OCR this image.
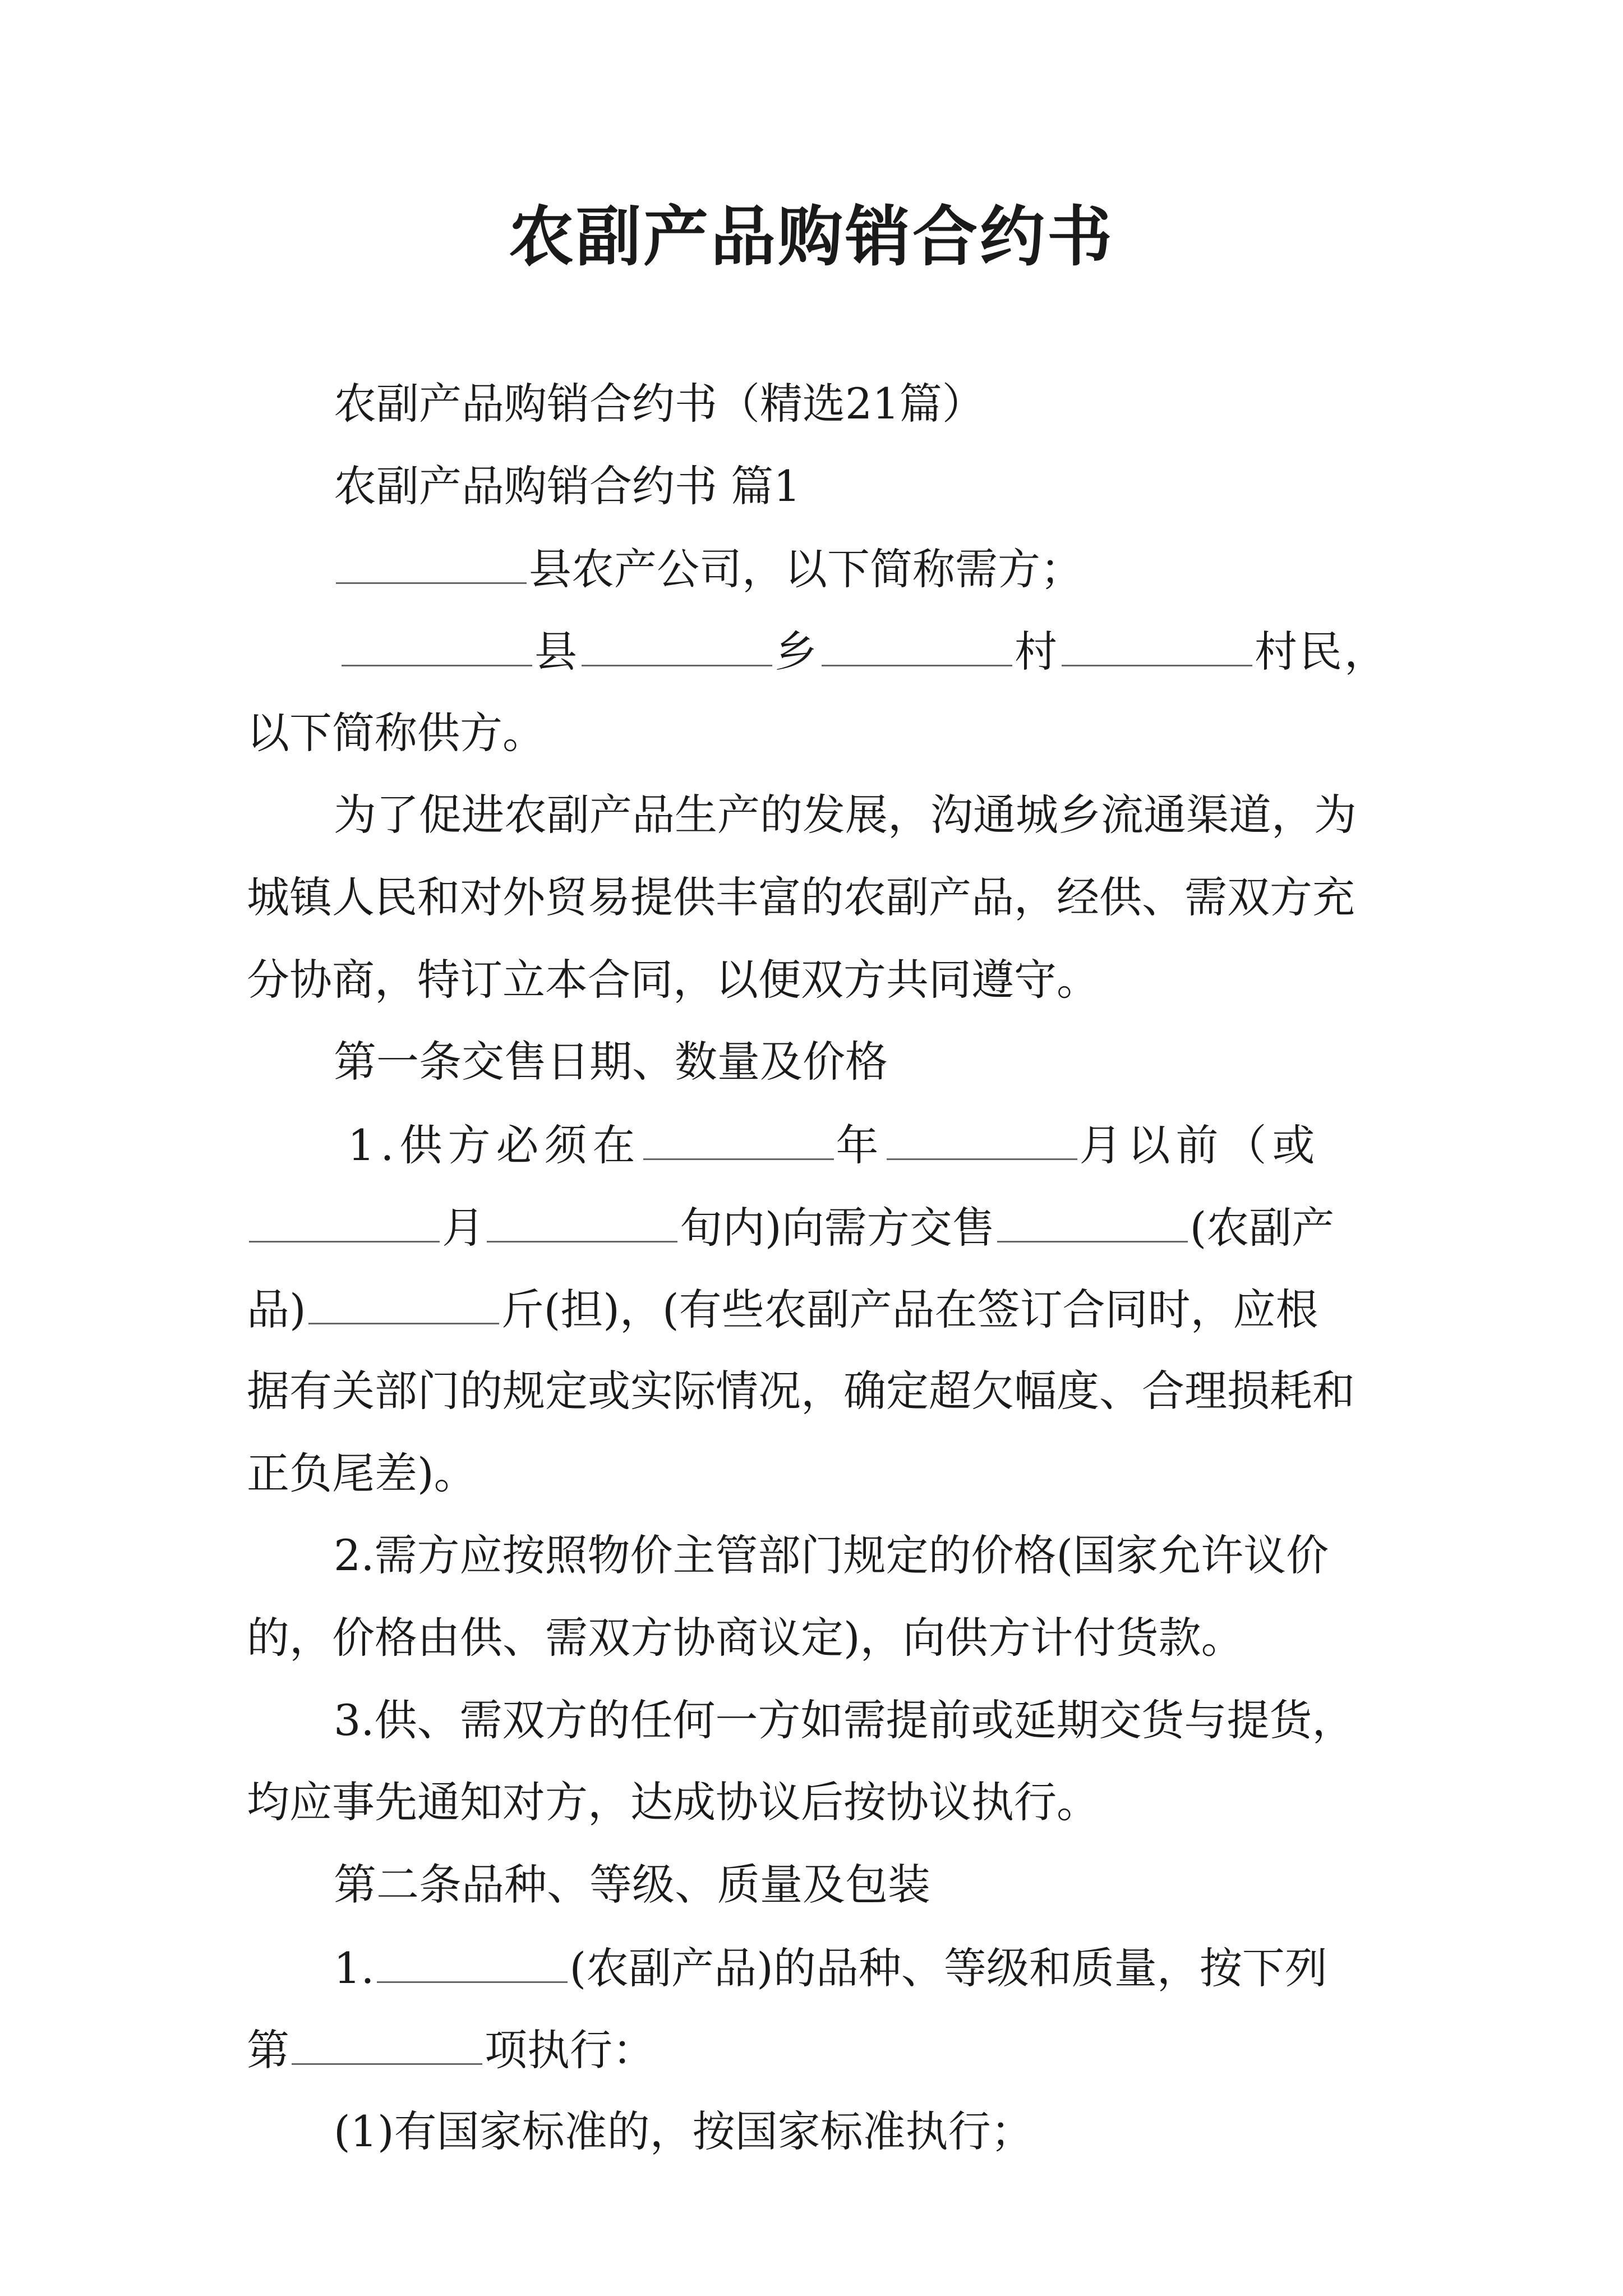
农副产品购销合约书
农副产品购销合约书（精选21篇）
农副产品购销合约书 篇1
县农产公司，以下简称需方；
县	乡	村	村民，
以下简称供方。
为了促进农副产品生产的发展，沟通城乡流通渠道，为
城镇人民和对外贸易提供丰富的农副产品，经供、需双方充
分协商，特订立本合同，以便双方共同遵守。
第一条交售日期、数量及价格
1.供方必须在	年	月以前（或
月	旬内)向需方交售	(农副产
品)	斤(担)，(有些农副产品在签订合同时，应根
据有关部门的规定或实际情况，确定超欠幅度、合理损耗和
正负尾差)。
2.需方应按照物价主管部门规定的价格(国家允许议价
的，价格由供、需双方协商议定)，向供方计付货款。
3.供、需双方的任何一方如需提前或延期交货与提货，
均应事先通知对方，达成协议后按协议执行。
第二条品种、等级、质量及包装
1.	(农副产品)的品种、等级和质量，按下列
第	项执行：
(1)有国家标准的，按国家标准执行；
